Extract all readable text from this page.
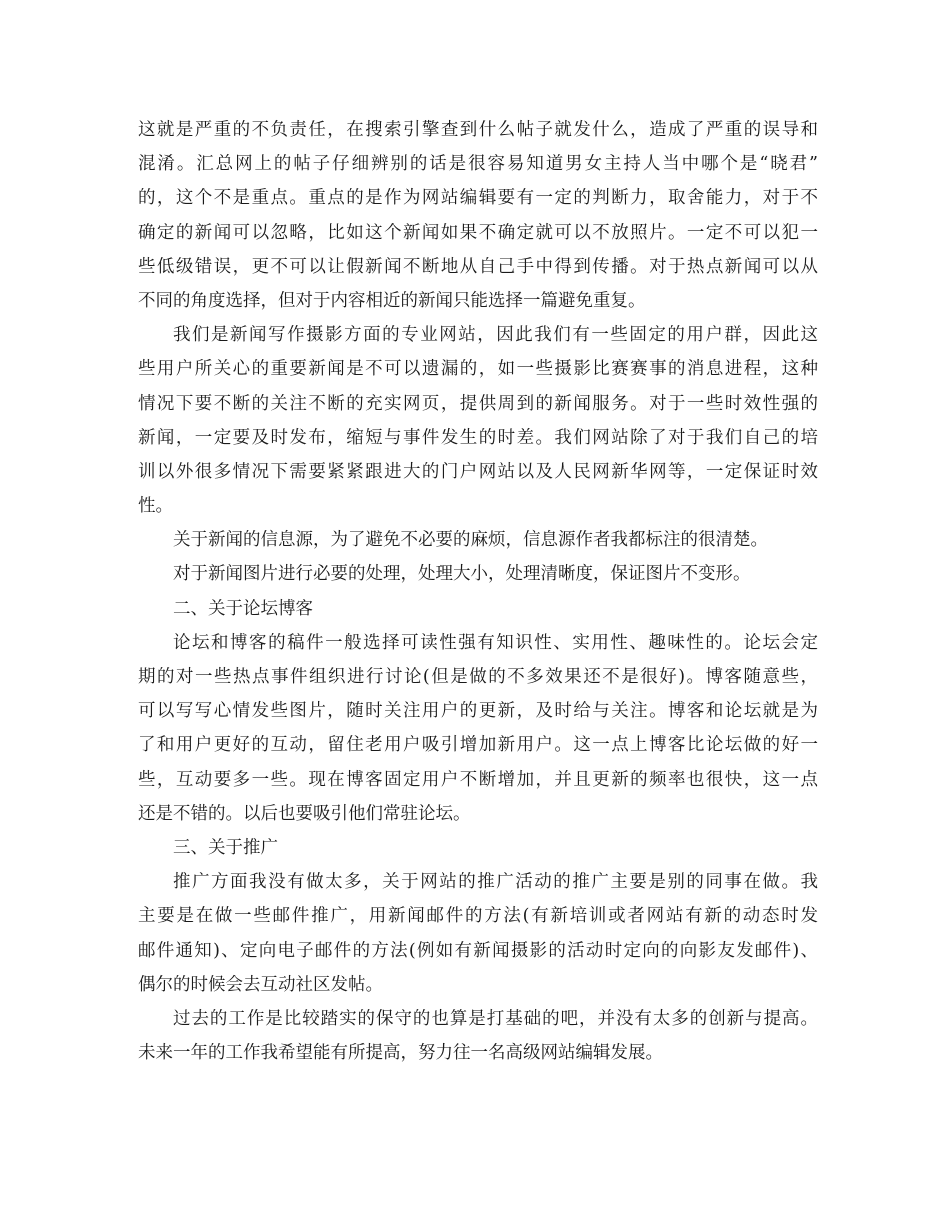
这就是严重的不负责任，在搜索引擎查到什么帖子就发什么，造成了严重的误导和
混淆。汇总网上的帖子仔细辨别的话是很容易知道男女主持人当中哪个是“晓君”
的，这个不是重点。重点的是作为网站编辑要有一定的判断力，取舍能力，对于不
确定的新闻可以忽略，比如这个新闻如果不确定就可以不放照片。一定不可以犯一
些低级错误，更不可以让假新闻不断地从自己手中得到传播。对于热点新闻可以从
不同的角度选择，但对于内容相近的新闻只能选择一篇避免重复。
我们是新闻写作摄影方面的专业网站，因此我们有一些固定的用户群，因此这
些用户所关心的重要新闻是不可以遗漏的，如一些摄影比赛赛事的消息进程，这种
情况下要不断的关注不断的充实网页，提供周到的新闻服务。对于一些时效性强的
新闻，一定要及时发布，缩短与事件发生的时差。我们网站除了对于我们自己的培
训以外很多情况下需要紧紧跟进大的门户网站以及人民网新华网等，一定保证时效
性。
关于新闻的信息源，为了避免不必要的麻烦，信息源作者我都标注的很清楚。
对于新闻图片进行必要的处理，处理大小，处理清晰度，保证图片不变形。
二、关于论坛博客
论坛和博客的稿件一般选择可读性强有知识性、实用性、趣味性的。论坛会定
期的对一些热点事件组织进行讨论(但是做的不多效果还不是很好)。博客随意些，
可以写写心情发些图片，随时关注用户的更新，及时给与关注。博客和论坛就是为
了和用户更好的互动，留住老用户吸引增加新用户。这一点上博客比论坛做的好一
些，互动要多一些。现在博客固定用户不断增加，并且更新的频率也很快，这一点
还是不错的。以后也要吸引他们常驻论坛。
三、关于推广
推广方面我没有做太多，关于网站的推广活动的推广主要是别的同事在做。我
主要是在做一些邮件推广，用新闻邮件的方法(有新培训或者网站有新的动态时发
邮件通知)、定向电子邮件的方法(例如有新闻摄影的活动时定向的向影友发邮件)、
偶尔的时候会去互动社区发帖。
过去的工作是比较踏实的保守的也算是打基础的吧，并没有太多的创新与提高。
未来一年的工作我希望能有所提高，努力往一名高级网站编辑发展。
